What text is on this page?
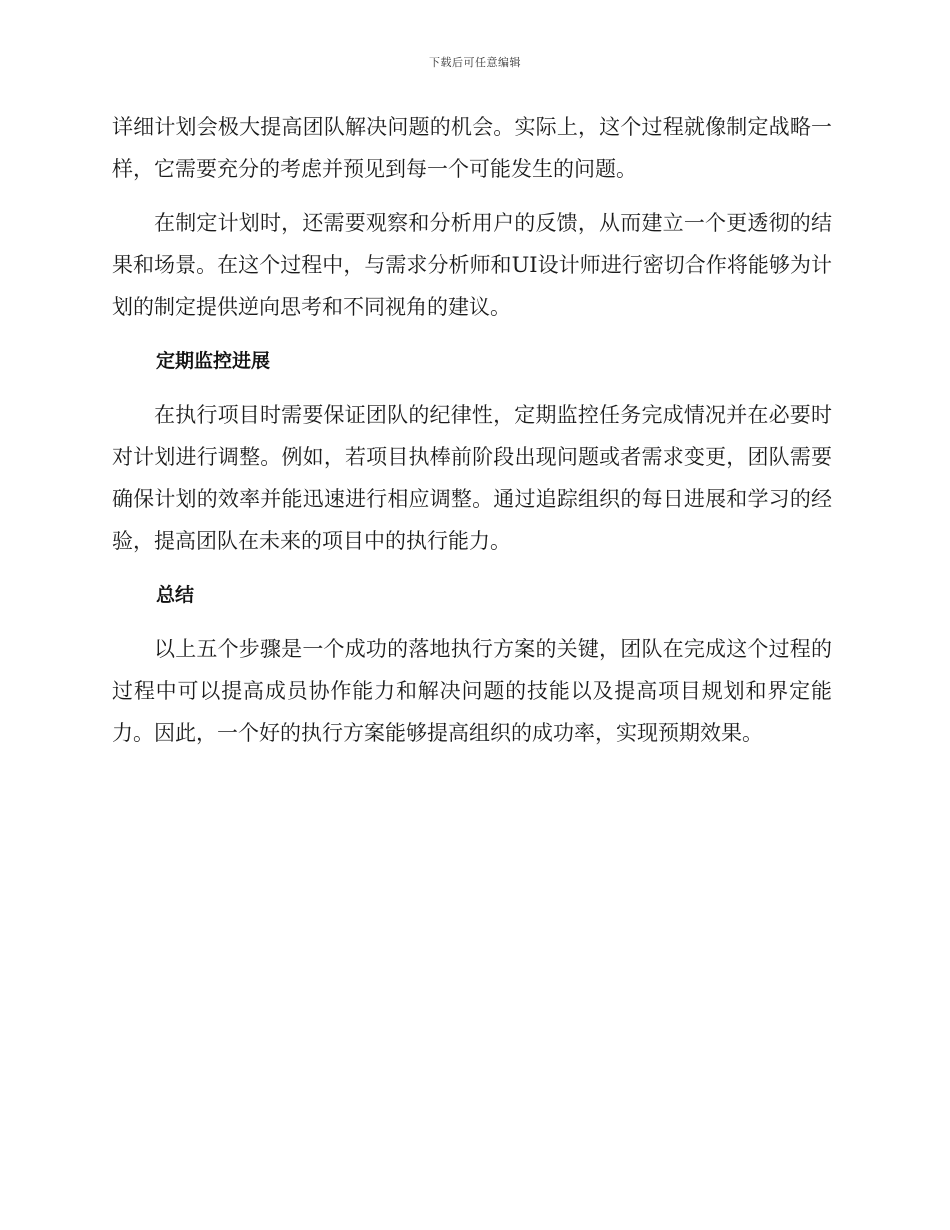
下载后可任意编辑

详细计划会极大提高团队解决问题的机会。实际上，这个过程就像制定战略一样，它需要充分的考虑并预见到每一个可能发生的问题。

在制定计划时，还需要观察和分析用户的反馈，从而建立一个更透彻的结果和场景。在这个过程中，与需求分析师和UI设计师进行密切合作将能够为计划的制定提供逆向思考和不同视角的建议。

定期监控进展

在执行项目时需要保证团队的纪律性，定期监控任务完成情况并在必要时对计划进行调整。例如，若项目执棒前阶段出现问题或者需求变更，团队需要确保计划的效率并能迅速进行相应调整。通过追踪组织的每日进展和学习的经验，提高团队在未来的项目中的执行能力。

总结

以上五个步骤是一个成功的落地执行方案的关键，团队在完成这个过程的过程中可以提高成员协作能力和解决问题的技能以及提高项目规划和界定能力。因此，一个好的执行方案能够提高组织的成功率，实现预期效果。
